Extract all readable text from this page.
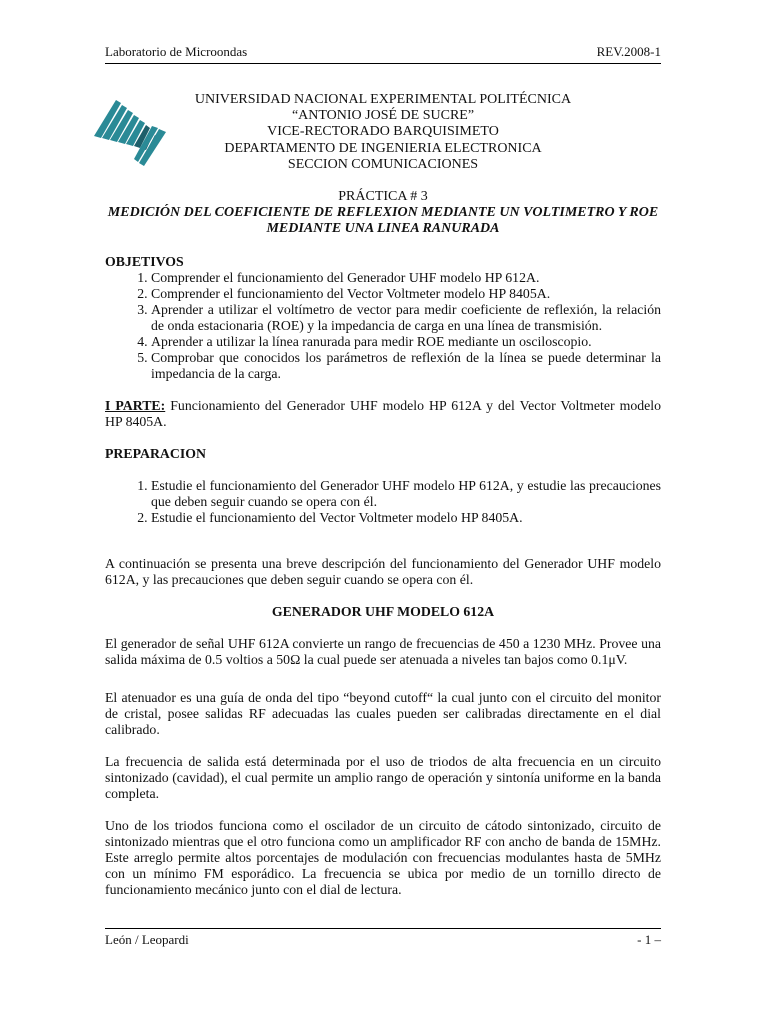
Laboratorio de Microondas	REV.2008-1
UNIVERSIDAD NACIONAL EXPERIMENTAL POLITÉCNICA
“ANTONIO JOSÉ DE SUCRE”
VICE-RECTORADO BARQUISIMETO
DEPARTAMENTO DE INGENIERIA ELECTRONICA
SECCION COMUNICACIONES
PRÁCTICA # 3
MEDICIÓN DEL COEFICIENTE DE REFLEXION MEDIANTE UN VOLTIMETRO Y ROE
MEDIANTE UNA LINEA RANURADA

OBJETIVOS

1. Comprender el funcionamiento del Generador UHF modelo HP 612A.
2. Comprender el funcionamiento del Vector Voltmeter modelo HP 8405A.
3. Aprender a utilizar el voltímetro de vector para medir coeficiente de reflexión, la relación de onda estacionaria (ROE) y la impedancia de carga en una línea de transmisión.
4. Aprender a utilizar la línea ranurada para medir ROE mediante un osciloscopio.
5. Comprobar que conocidos los parámetros de reflexión de la línea se puede determinar la impedancia de la carga.

I PARTE: Funcionamiento del Generador UHF modelo HP 612A y del Vector Voltmeter modelo HP 8405A.

PREPARACION

1. Estudie el funcionamiento del Generador UHF modelo HP 612A, y estudie las precauciones que deben seguir cuando se opera con él.
2. Estudie el funcionamiento del Vector Voltmeter modelo HP 8405A.

A continuación se presenta una breve descripción del funcionamiento del Generador UHF modelo 612A, y las precauciones que deben seguir cuando se opera con él.

GENERADOR UHF MODELO 612A

El generador de señal UHF 612A convierte un rango de frecuencias de 450 a 1230 MHz. Provee una salida máxima de 0.5 voltios a 50Ω la cual puede ser atenuada a niveles tan bajos como 0.1μV.

El atenuador es una guía de onda del tipo “beyond cutoff“ la cual junto con el circuito del monitor de cristal, posee salidas RF adecuadas las cuales pueden ser calibradas directamente en el dial calibrado.

La frecuencia de salida está determinada por el uso de triodos de alta frecuencia en un circuito sintonizado (cavidad), el cual permite un amplio rango de operación y sintonía uniforme en la banda completa.

Uno de los triodos funciona como el oscilador de un circuito de cátodo sintonizado, circuito de sintonizado mientras que el otro funciona como un amplificador RF con ancho de banda de 15MHz. Este arreglo permite altos porcentajes de modulación con frecuencias modulantes hasta de 5MHz con un mínimo FM esporádico. La frecuencia se ubica por medio de un tornillo directo de funcionamiento mecánico junto con el dial de lectura.

León / Leopardi	- 1 –
